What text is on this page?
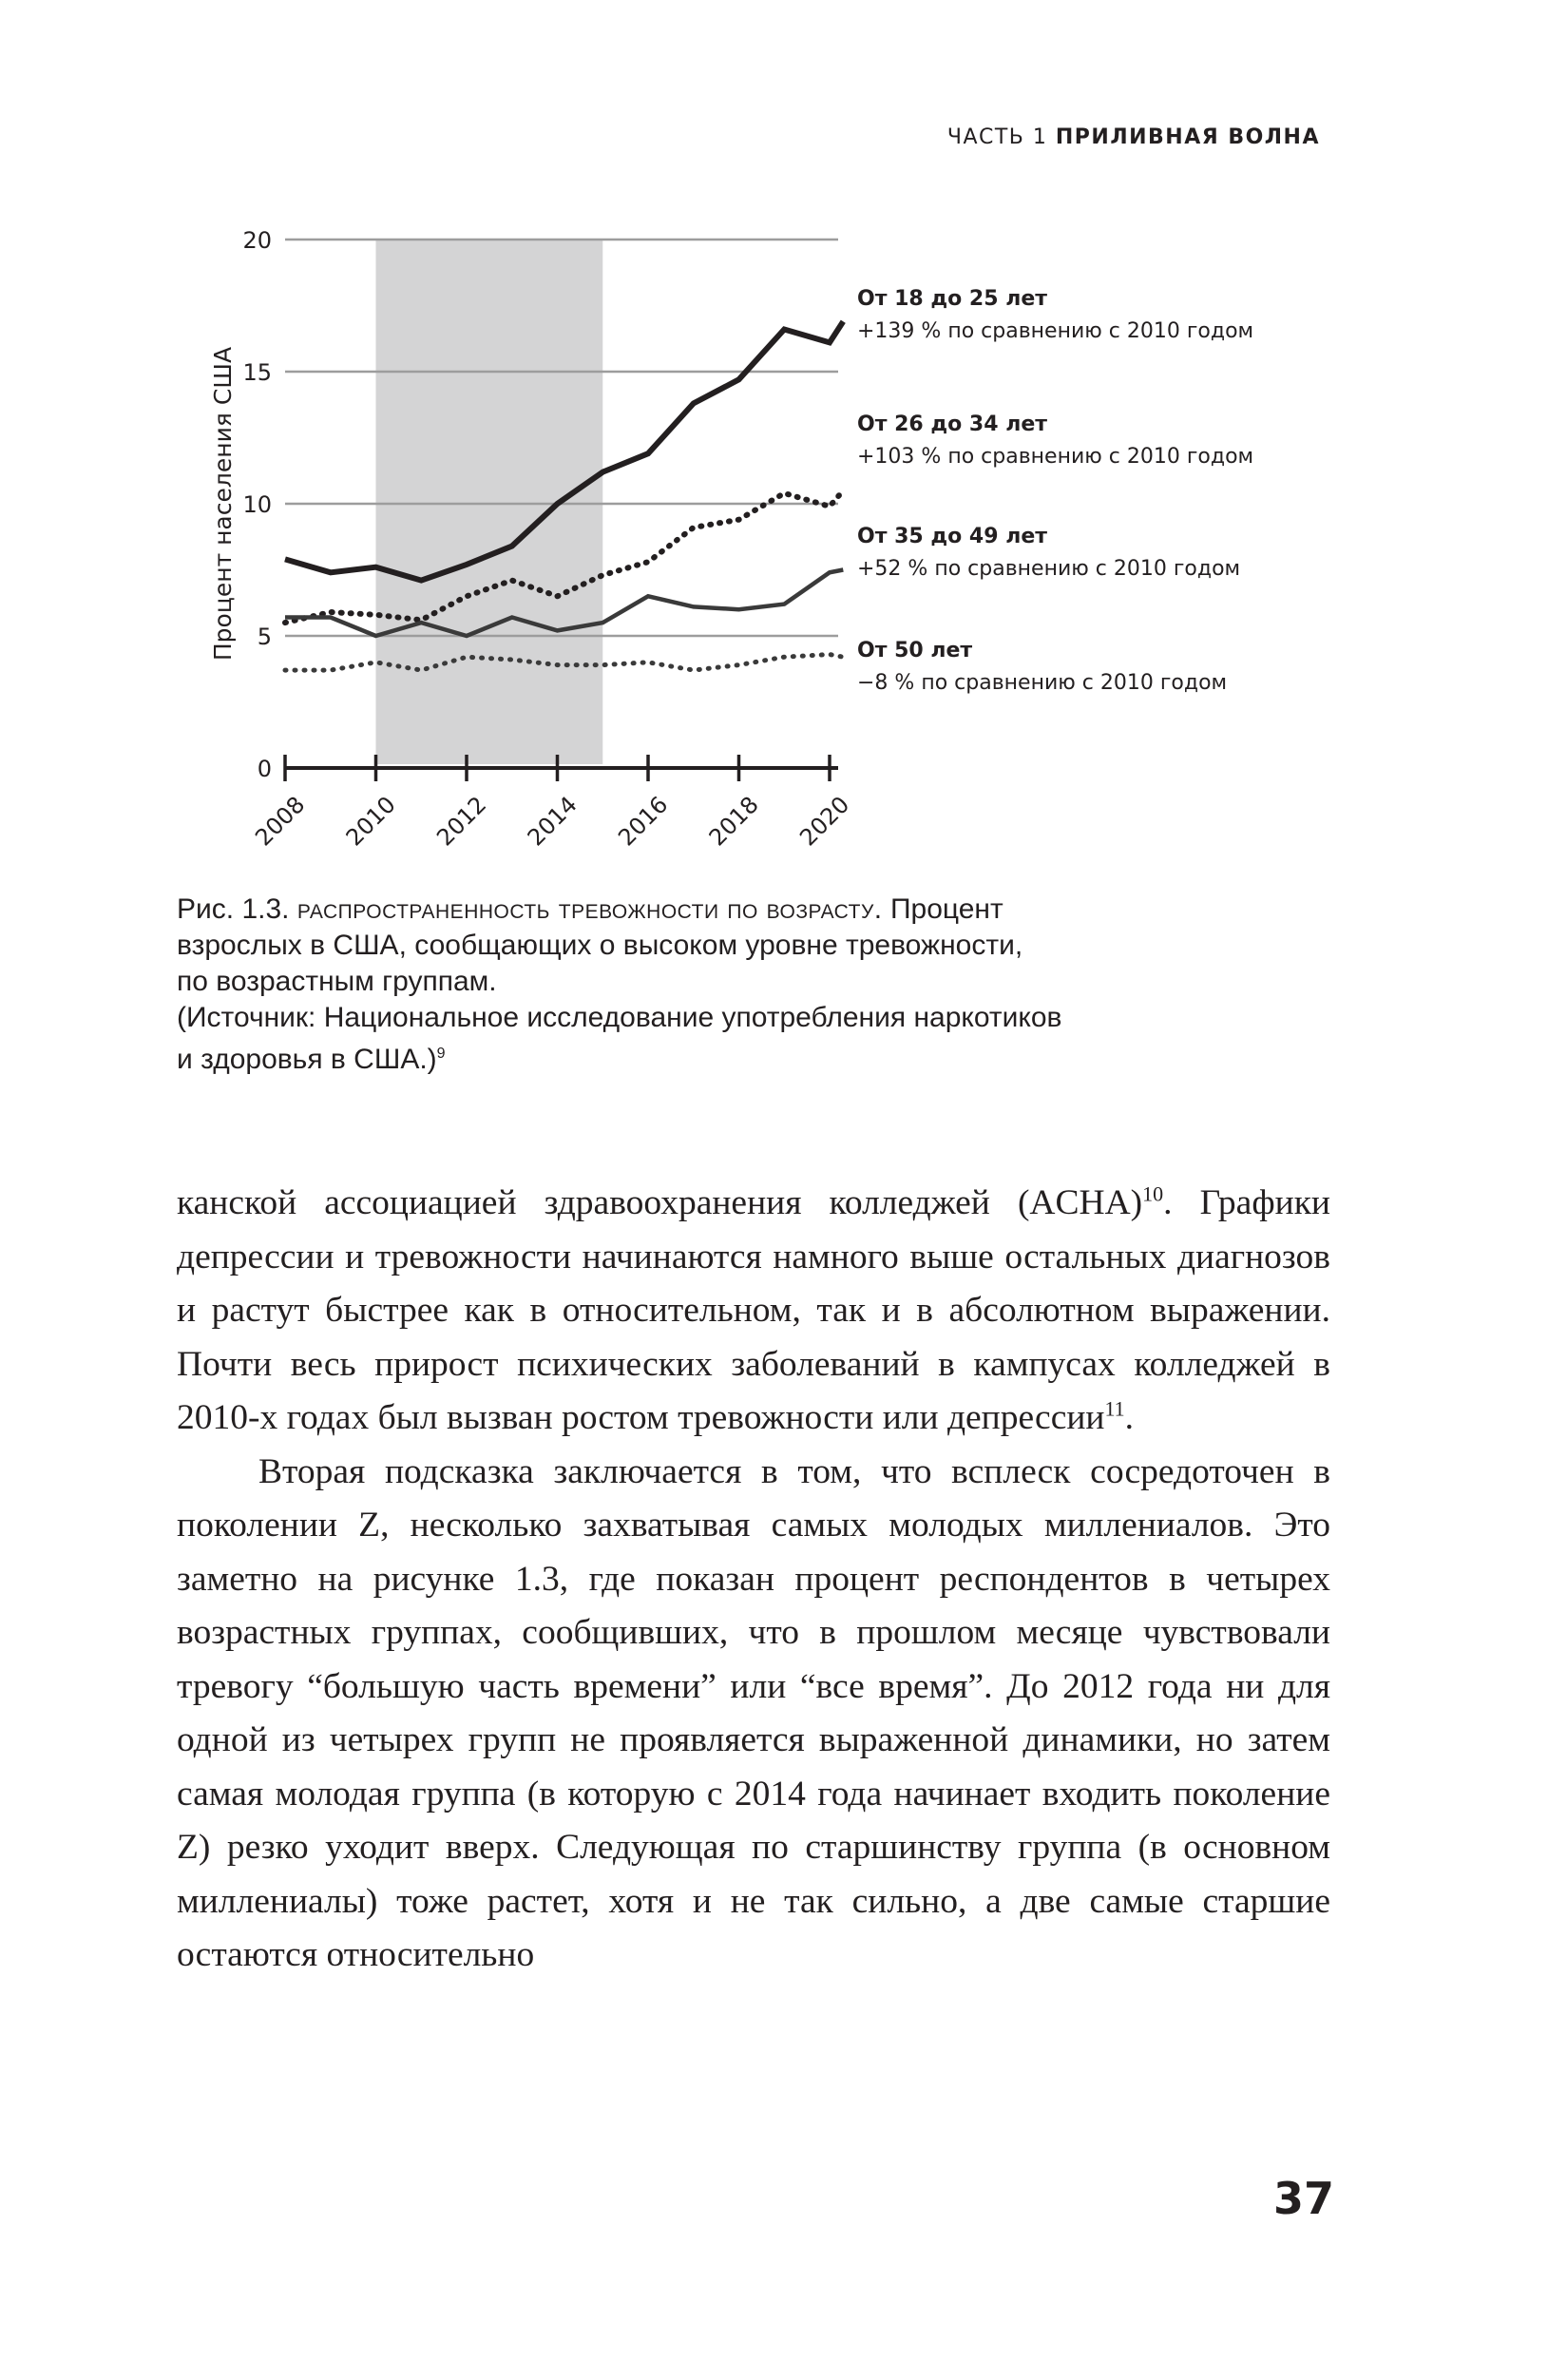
ЧАСТЬ 1 ПРИЛИВНАЯ ВОЛНА
0
5
10
15
20
2008 2010 2012 2014 2016 2018 2020
Процент населения США
От 18 до 25 лет
+139 % по сравнению с 2010 годом
От 26 до 34 лет
+103 % по сравнению с 2010 годом
От 35 до 49 лет
+52 % по сравнению с 2010 годом
От 50 лет
−8 % по сравнению с 2010 годом
Рис. 1.3. распространенность тревожности по возрасту. Процент
взрослых в США, сообщающих о высоком уровне тревожности,
по возрастным группам.
(Источник: Национальное исследование употребления наркотиков
и здоровья в США.)$^9$

канской ассоциацией здравоохранения колледжей (ACHA)$^{10}$. Графики депрессии и тревожности начинаются намного выше остальных диагнозов и растут быстрее как в относительном, так и в абсолютном выражении. Почти весь прирост психических заболеваний в кампусах колледжей в 2010-х годах был вызван ростом тревожности или депрессии$^{11}$.

Вторая подсказка заключается в том, что всплеск сосредоточен в поколении Z, несколько захватывая самых молодых миллениалов. Это заметно на рисунке 1.3, где показан процент респондентов в четырех возрастных группах, сообщивших, что в прошлом месяце чувствовали тревогу “большую часть времени” или “все время”. До 2012 года ни для одной из четырех групп не проявляется выраженной динамики, но затем самая молодая группа (в которую с 2014 года начинает входить поколение Z) резко уходит вверх. Следующая по старшинству группа (в основном миллениалы) тоже растет, хотя и не так сильно, а две самые старшие остаются относительно

37
